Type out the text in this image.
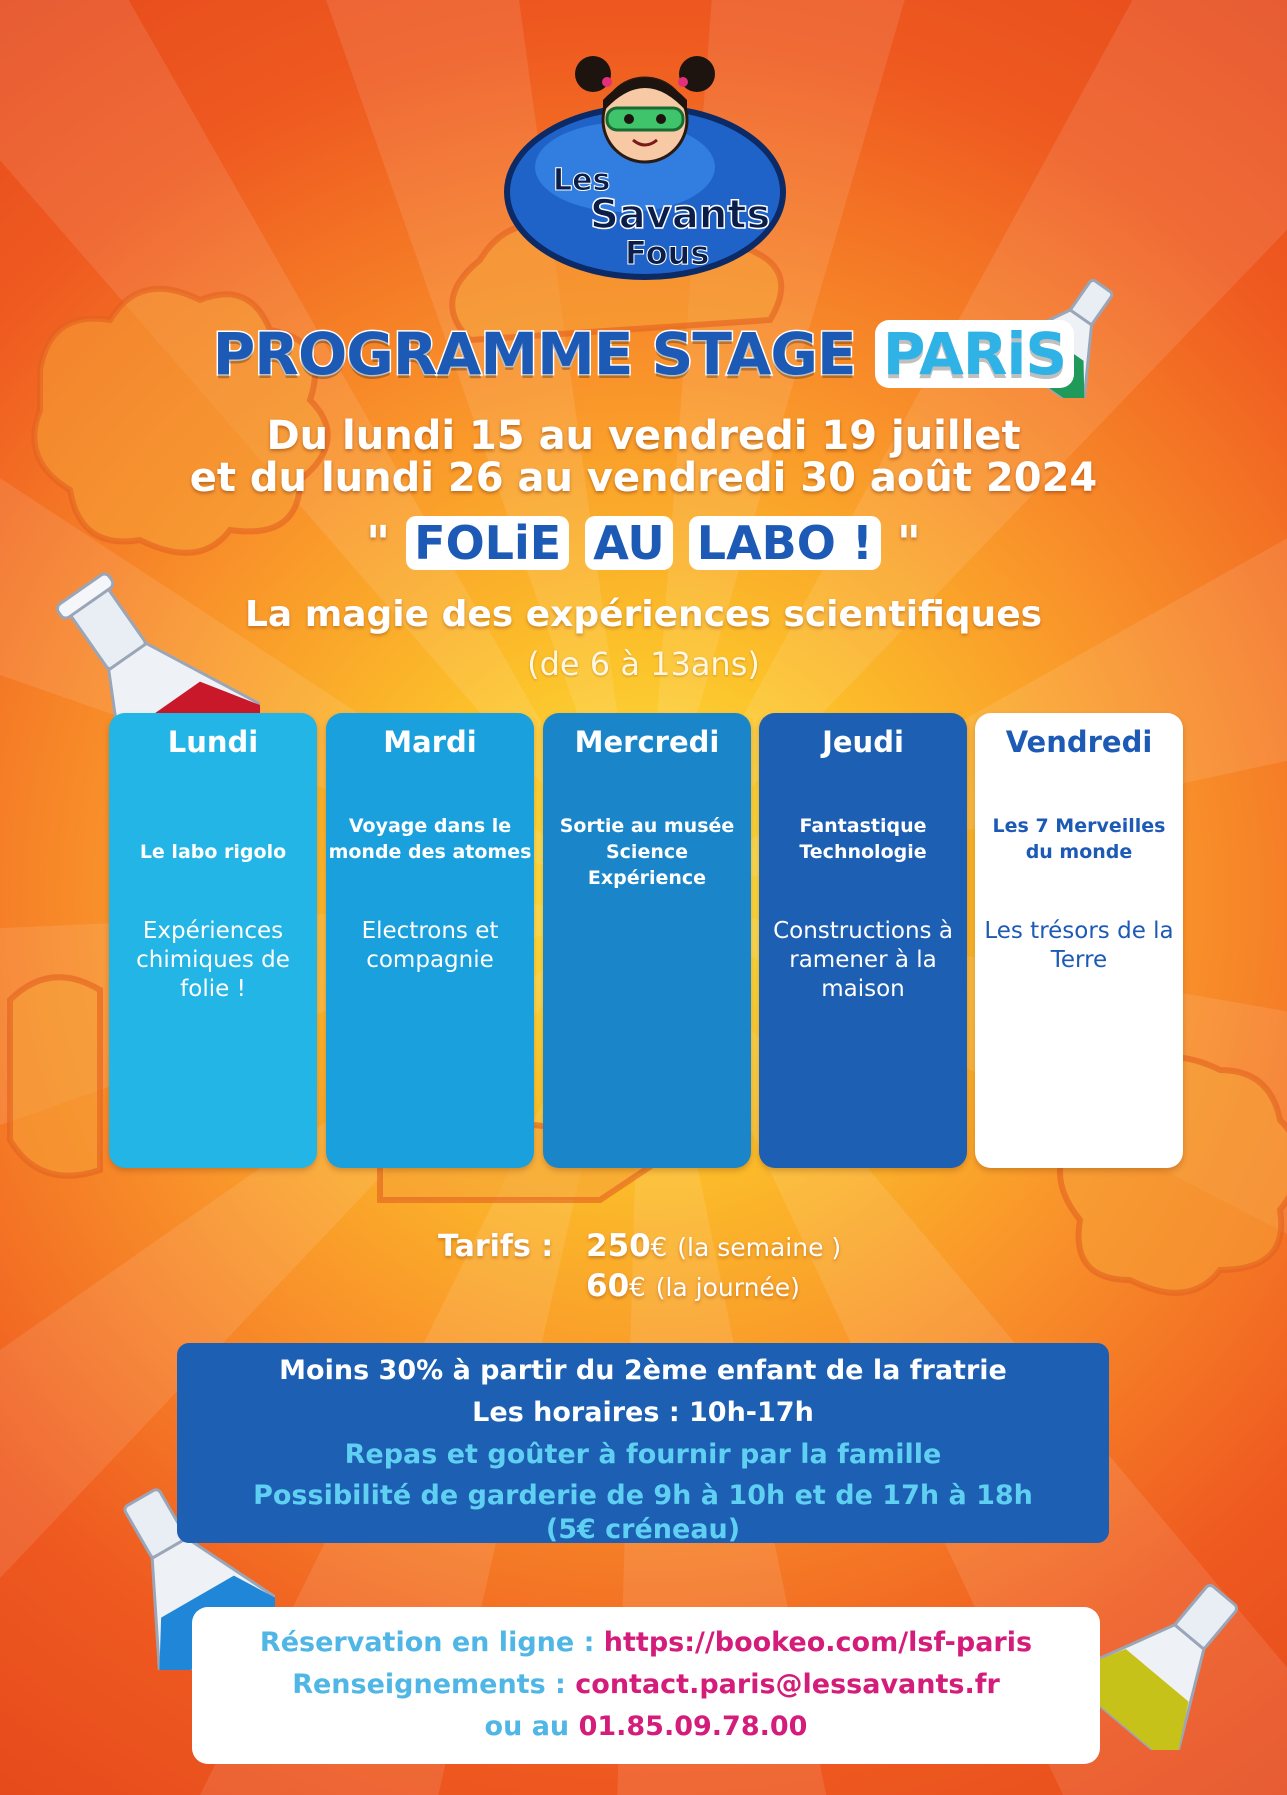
Les
Savants
Fous
PROGRAMME STAGE PARiS
Du lundi 15 au vendredi 19 juillet
et du lundi 26 au vendredi 30 août 2024
" FOLiE AU LABO ! "
La magie des expériences scientifiques
(de 6 à 13ans)
Lundi
Le labo rigolo
Expériences chimiques de folie !
Mardi
Voyage dans le monde des atomes
Electrons et compagnie
Mercredi
Sortie au musée Science Expérience
Jeudi
Fantastique Technologie
Constructions à ramener à la maison
Vendredi
Les 7 Merveilles du monde
Les trésors de la Terre
Tarifs : 250€ (la semaine )
60€ (la journée)
Moins 30% à partir du 2ème enfant de la fratrie
Les horaires : 10h-17h
Repas et goûter à fournir par la famille
Possibilité de garderie de 9h à 10h et de 17h à 18h
(5€ créneau)
Réservation en ligne : https://bookeo.com/lsf-paris
Renseignements : contact.paris@lessavants.fr
ou au 01.85.09.78.00
